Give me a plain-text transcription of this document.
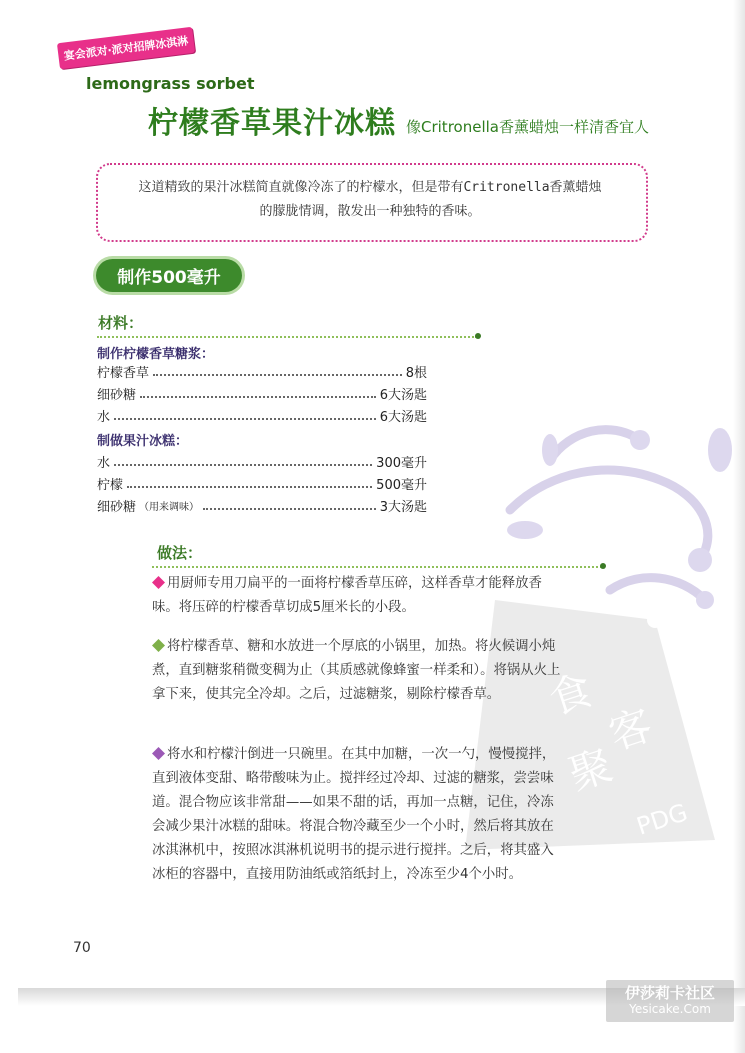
食
客
聚
PDG
宴会派对·派对招牌冰淇淋
lemongrass sorbet
柠檬香草果汁冰糕 像Critronella香薰蜡烛一样清香宜人
这道精致的果汁冰糕简直就像冷冻了的柠檬水，但是带有Critronella香薰蜡烛
的朦胧情调，散发出一种独特的香味。
制作500毫升
材料：
制作柠檬香草糖浆：
柠檬香草	8根
细砂糖	6大汤匙
水	6大汤匙
制做果汁冰糕：
水	300毫升
柠檬	500毫升
细砂糖 （用来调味）	3大汤匙
做法：
用厨师专用刀扁平的一面将柠檬香草压碎，这样香草才能释放香味。将压碎的柠檬香草切成5厘米长的小段。
将柠檬香草、糖和水放进一个厚底的小锅里，加热。将火候调小炖煮，直到糖浆稍微变稠为止（其质感就像蜂蜜一样柔和）。将锅从火上拿下来，使其完全冷却。之后，过滤糖浆，剔除柠檬香草。
将水和柠檬汁倒进一只碗里。在其中加糖，一次一勺，慢慢搅拌，直到液体变甜、略带酸味为止。搅拌经过冷却、过滤的糖浆，尝尝味道。混合物应该非常甜——如果不甜的话，再加一点糖，记住，冷冻会减少果汁冰糕的甜味。将混合物冷藏至少一个小时，然后将其放在冰淇淋机中，按照冰淇淋机说明书的提示进行搅拌。之后，将其盛入冰柜的容器中，直接用防油纸或箔纸封上，冷冻至少4个小时。
70
伊莎莉卡社区
Yesicake.Com
